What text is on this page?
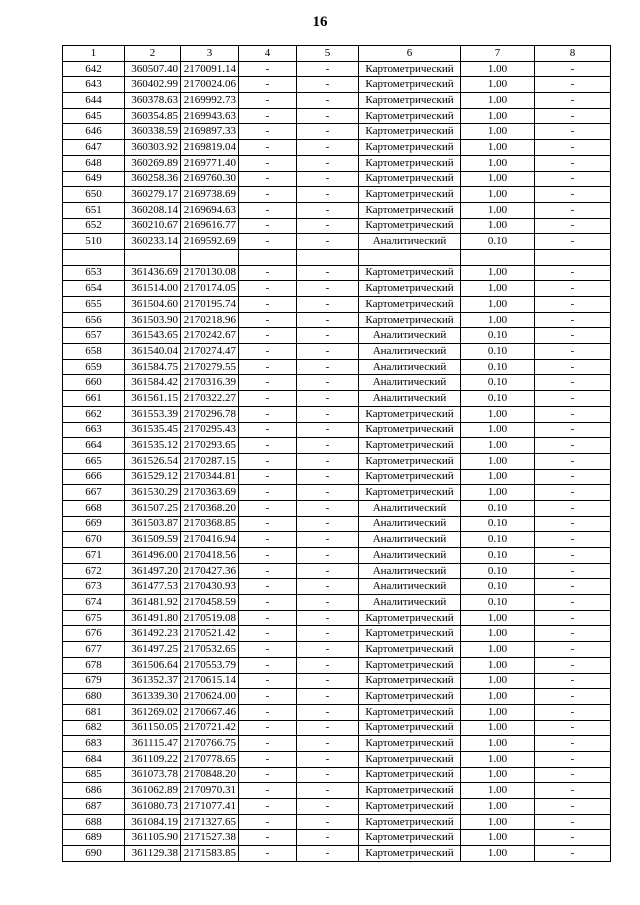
16
1	2	3	4	5	6	7	8
642	360507.40	2170091.14	-	-	Картометрический	1.00	-
643	360402.99	2170024.06	-	-	Картометрический	1.00	-
644	360378.63	2169992.73	-	-	Картометрический	1.00	-
645	360354.85	2169943.63	-	-	Картометрический	1.00	-
646	360338.59	2169897.33	-	-	Картометрический	1.00	-
647	360303.92	2169819.04	-	-	Картометрический	1.00	-
648	360269.89	2169771.40	-	-	Картометрический	1.00	-
649	360258.36	2169760.30	-	-	Картометрический	1.00	-
650	360279.17	2169738.69	-	-	Картометрический	1.00	-
651	360208.14	2169694.63	-	-	Картометрический	1.00	-
652	360210.67	2169616.77	-	-	Картометрический	1.00	-
510	360233.14	2169592.69	-	-	Аналитический	0.10	-

653	361436.69	2170130.08	-	-	Картометрический	1.00	-
654	361514.00	2170174.05	-	-	Картометрический	1.00	-
655	361504.60	2170195.74	-	-	Картометрический	1.00	-
656	361503.90	2170218.96	-	-	Картометрический	1.00	-
657	361543.65	2170242.67	-	-	Аналитический	0.10	-
658	361540.04	2170274.47	-	-	Аналитический	0.10	-
659	361584.75	2170279.55	-	-	Аналитический	0.10	-
660	361584.42	2170316.39	-	-	Аналитический	0.10	-
661	361561.15	2170322.27	-	-	Аналитический	0.10	-
662	361553.39	2170296.78	-	-	Картометрический	1.00	-
663	361535.45	2170295.43	-	-	Картометрический	1.00	-
664	361535.12	2170293.65	-	-	Картометрический	1.00	-
665	361526.54	2170287.15	-	-	Картометрический	1.00	-
666	361529.12	2170344.81	-	-	Картометрический	1.00	-
667	361530.29	2170363.69	-	-	Картометрический	1.00	-
668	361507.25	2170368.20	-	-	Аналитический	0.10	-
669	361503.87	2170368.85	-	-	Аналитический	0.10	-
670	361509.59	2170416.94	-	-	Аналитический	0.10	-
671	361496.00	2170418.56	-	-	Аналитический	0.10	-
672	361497.20	2170427.36	-	-	Аналитический	0.10	-
673	361477.53	2170430.93	-	-	Аналитический	0.10	-
674	361481.92	2170458.59	-	-	Аналитический	0.10	-
675	361491.80	2170519.08	-	-	Картометрический	1.00	-
676	361492.23	2170521.42	-	-	Картометрический	1.00	-
677	361497.25	2170532.65	-	-	Картометрический	1.00	-
678	361506.64	2170553.79	-	-	Картометрический	1.00	-
679	361352.37	2170615.14	-	-	Картометрический	1.00	-
680	361339.30	2170624.00	-	-	Картометрический	1.00	-
681	361269.02	2170667.46	-	-	Картометрический	1.00	-
682	361150.05	2170721.42	-	-	Картометрический	1.00	-
683	361115.47	2170766.75	-	-	Картометрический	1.00	-
684	361109.22	2170778.65	-	-	Картометрический	1.00	-
685	361073.78	2170848.20	-	-	Картометрический	1.00	-
686	361062.89	2170970.31	-	-	Картометрический	1.00	-
687	361080.73	2171077.41	-	-	Картометрический	1.00	-
688	361084.19	2171327.65	-	-	Картометрический	1.00	-
689	361105.90	2171527.38	-	-	Картометрический	1.00	-
690	361129.38	2171583.85	-	-	Картометрический	1.00	-
